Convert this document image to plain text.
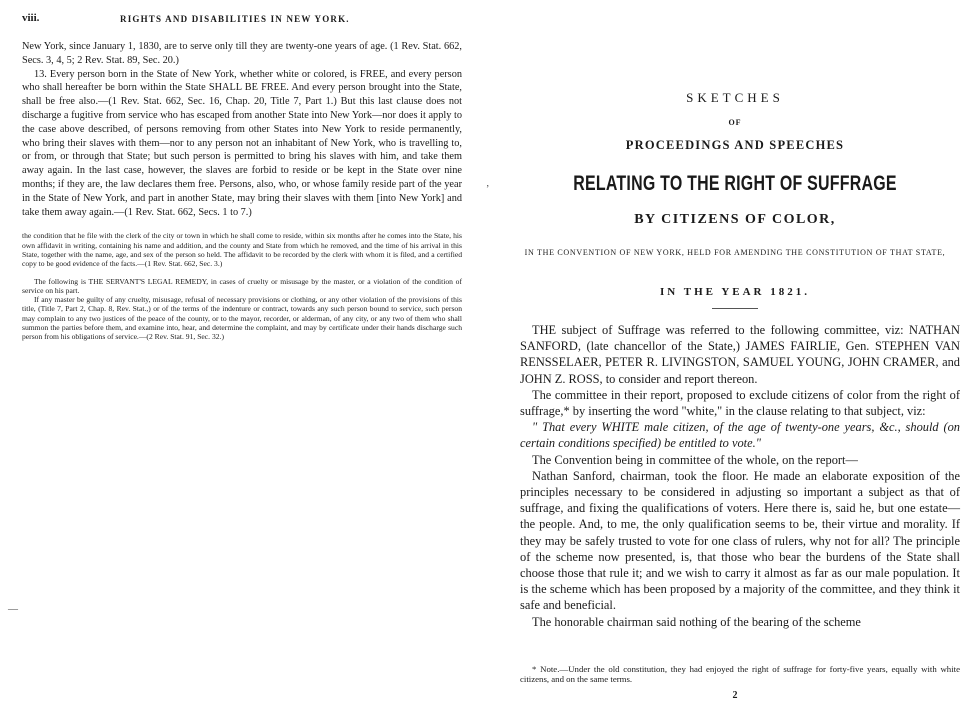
viii.	RIGHTS AND DISABILITIES IN NEW YORK.

New York, since January 1, 1830, are to serve only till they are twenty-one years of age. (1 Rev. Stat. 662, Secs. 3, 4, 5; 2 Rev. Stat. 89, Sec. 20.)

13. Every person born in the State of New York, whether white or colored, is FREE, and every person who shall hereafter be born within the State SHALL BE FREE. And every person brought into the State, shall be free also.—(1 Rev. Stat. 662, Sec. 16, Chap. 20, Title 7, Part 1.) But this last clause does not discharge a fugitive from service who has escaped from another State into New York—nor does it apply to the case above described, of persons removing from other States into New York to reside permanently, who bring their slaves with them—nor to any person not an inhabitant of New York, who is travelling to, or from, or through that State; but such person is permitted to bring his slaves with him, and take them away again. In the last case, however, the slaves are forbid to reside or be kept in the State over nine months; if they are, the law declares them free. Persons, also, who, or whose family reside part of the year in the State of New York, and part in another State, may bring their slaves with them [into New York] and take them away again.—(1 Rev. Stat. 662, Secs. 1 to 7.)

the condition that he file with the clerk of the city or town in which he shall come to reside, within six months after he comes into the State, his own affidavit in writing, containing his name and addition, and the county and State from which he removed, and the time of his arrival in this State, together with the name, age, and sex of the person so held. The affidavit to be recorded by the clerk with whom it is filed, and a certified copy to be good evidence of the facts.—(1 Rev. Stat. 662, Sec. 3.)

The following is THE SERVANT'S LEGAL REMEDY, in cases of cruelty or misusage by the master, or a violation of the condition of service on his part.

If any master be guilty of any cruelty, misusage, refusal of necessary provisions or clothing, or any other violation of the provisions of this title, (Title 7, Part 2, Chap. 8, Rev. Stat.,) or of the terms of the indenture or contract, towards any such person bound to service, such person may complain to any two justices of the peace of the county, or to the mayor, recorder, or alderman, of any city, or any two of them who shall summon the parties before them, and examine into, hear, and determine the complaint, and may by certificate under their hands discharge such person from his obligations of service.—(2 Rev. Stat. 91, Sec. 32.)

ʼ
—
SKETCHES
OF
PROCEEDINGS AND SPEECHES
RELATING TO THE RIGHT OF SUFFRAGE
BY CITIZENS OF COLOR,
IN THE CONVENTION OF NEW YORK, HELD FOR AMENDING THE CONSTITUTION OF THAT STATE,
IN THE YEAR 1821.

THE subject of Suffrage was referred to the following committee, viz: NATHAN SANFORD, (late chancellor of the State,) JAMES FAIRLIE, Gen. STEPHEN VAN RENSSELAER, PETER R. LIVINGSTON, SAMUEL YOUNG, JOHN CRAMER, and JOHN Z. ROSS, to consider and report thereon.

The committee in their report, proposed to exclude citizens of color from the right of suffrage,* by inserting the word "white," in the clause relating to that subject, viz:

" That every WHITE male citizen, of the age of twenty-one years, &c., should (on certain conditions specified) be entitled to vote."

The Convention being in committee of the whole, on the report—

Nathan Sanford, chairman, took the floor. He made an elaborate exposition of the principles necessary to be considered in adjusting so important a subject as that of suffrage, and fixing the qualifications of voters. Here there is, said he, but one estate—the people. And, to me, the only qualification seems to be, their virtue and morality. If they may be safely trusted to vote for one class of rulers, why not for all? The principle of the scheme now presented, is, that those who bear the burdens of the State shall choose those that rule it; and we wish to carry it almost as far as our male population. It is the scheme which has been proposed by a majority of the committee, and they think it safe and beneficial.

The honorable chairman said nothing of the bearing of the scheme

* Note.—Under the old constitution, they had enjoyed the right of suffrage for forty-five years, equally with white citizens, and on the same terms.

2
